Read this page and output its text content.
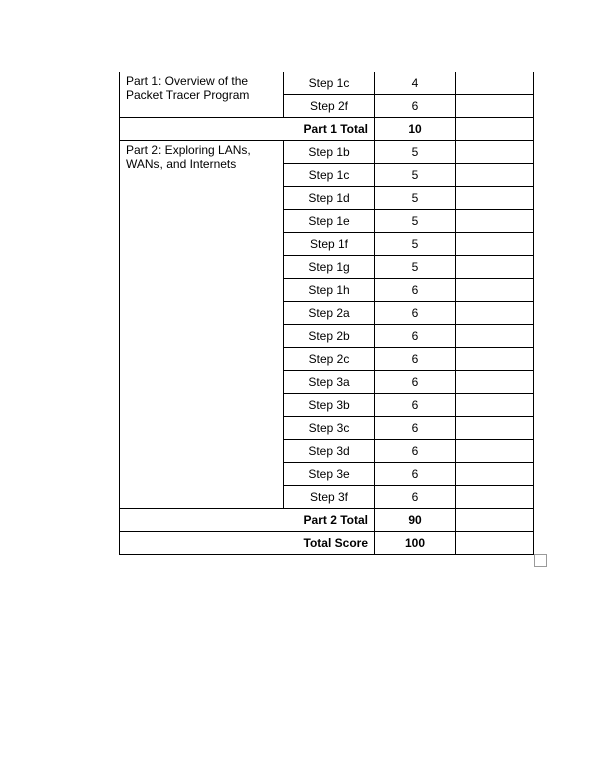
Part 1: Overview of the Packet Tracer Program	Step 1c	4	
	Step 2f	6	
Part 1 Total		10	
Part 2: Exploring LANs, WANs, and Internets	Step 1b	5	
	Step 1c	5	
	Step 1d	5	
	Step 1e	5	
	Step 1f	5	
	Step 1g	5	
	Step 1h	6	
	Step 2a	6	
	Step 2b	6	
	Step 2c	6	
	Step 3a	6	
	Step 3b	6	
	Step 3c	6	
	Step 3d	6	
	Step 3e	6	
	Step 3f	6	
Part 2 Total		90	
Total Score		100	
